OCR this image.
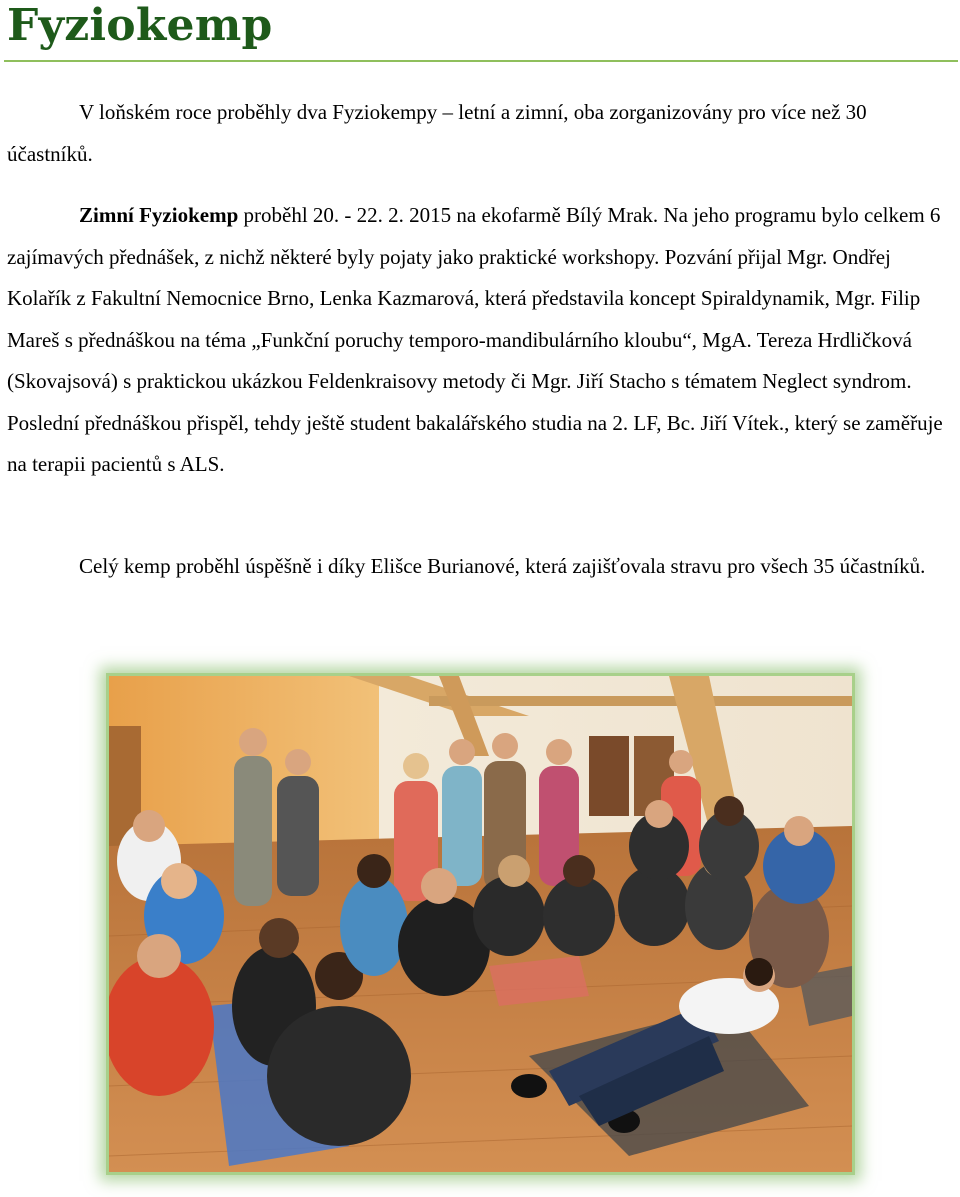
Fyziokemp

V loňském roce proběhly dva Fyziokempy – letní a zimní, oba zorganizovány pro více než 30 účastníků.

Zimní Fyziokemp proběhl 20. - 22. 2. 2015 na ekofarmě Bílý Mrak. Na jeho programu bylo celkem 6 zajímavých přednášek, z nichž některé byly pojaty jako praktické workshopy. Pozvání přijal Mgr. Ondřej Kolařík z Fakultní Nemocnice Brno, Lenka Kazmarová, která představila koncept Spiraldynamik, Mgr. Filip Mareš s přednáškou na téma „Funkční poruchy temporo-mandibulárního kloubu“, MgA. Tereza Hrdličková (Skovajsová) s praktickou ukázkou Feldenkraisovy metody či Mgr. Jiří Stacho s tématem Neglect syndrom. Poslední přednáškou přispěl, tehdy ještě student bakalářského studia na 2. LF, Bc. Jiří Vítek., který se zaměřuje na terapii pacientů s ALS.

Celý kemp proběhl úspěšně i díky Elišce Burianové, která zajišťovala stravu pro všech 35 účastníků.
